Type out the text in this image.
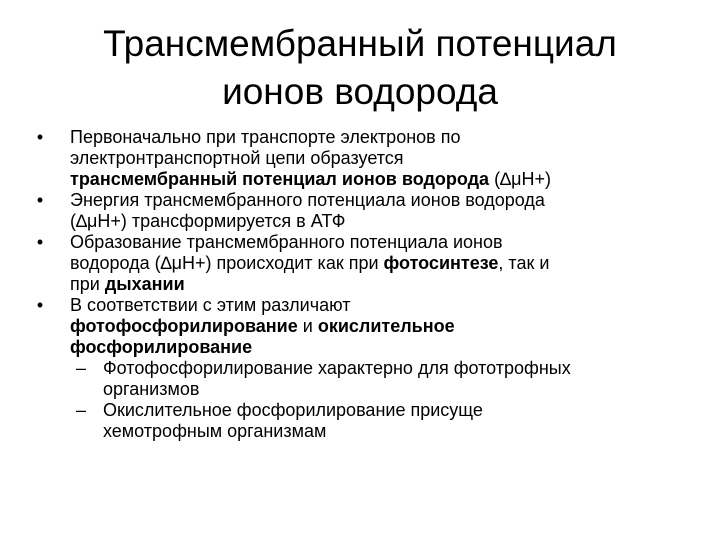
Трансмембранный потенциал
ионов водорода
•	Первоначально при транспорте электронов по
электронтранспортной цепи образуется
трансмембранный потенциал ионов водорода (∆μН+)
•	Энергия трансмембранного потенциала ионов водорода
(∆μН+) трансформируется в АТФ
•	Образование трансмембранного потенциала ионов
водорода (∆μН+) происходит как при фотосинтезе, так и
при дыхании
•	В соответствии с этим различают
фотофосфорилирование и окислительное
фосфорилирование
– Фотофосфорилирование характерно для фототрофных
организмов
– Окислительное фосфорилирование присуще
хемотрофным организмам
